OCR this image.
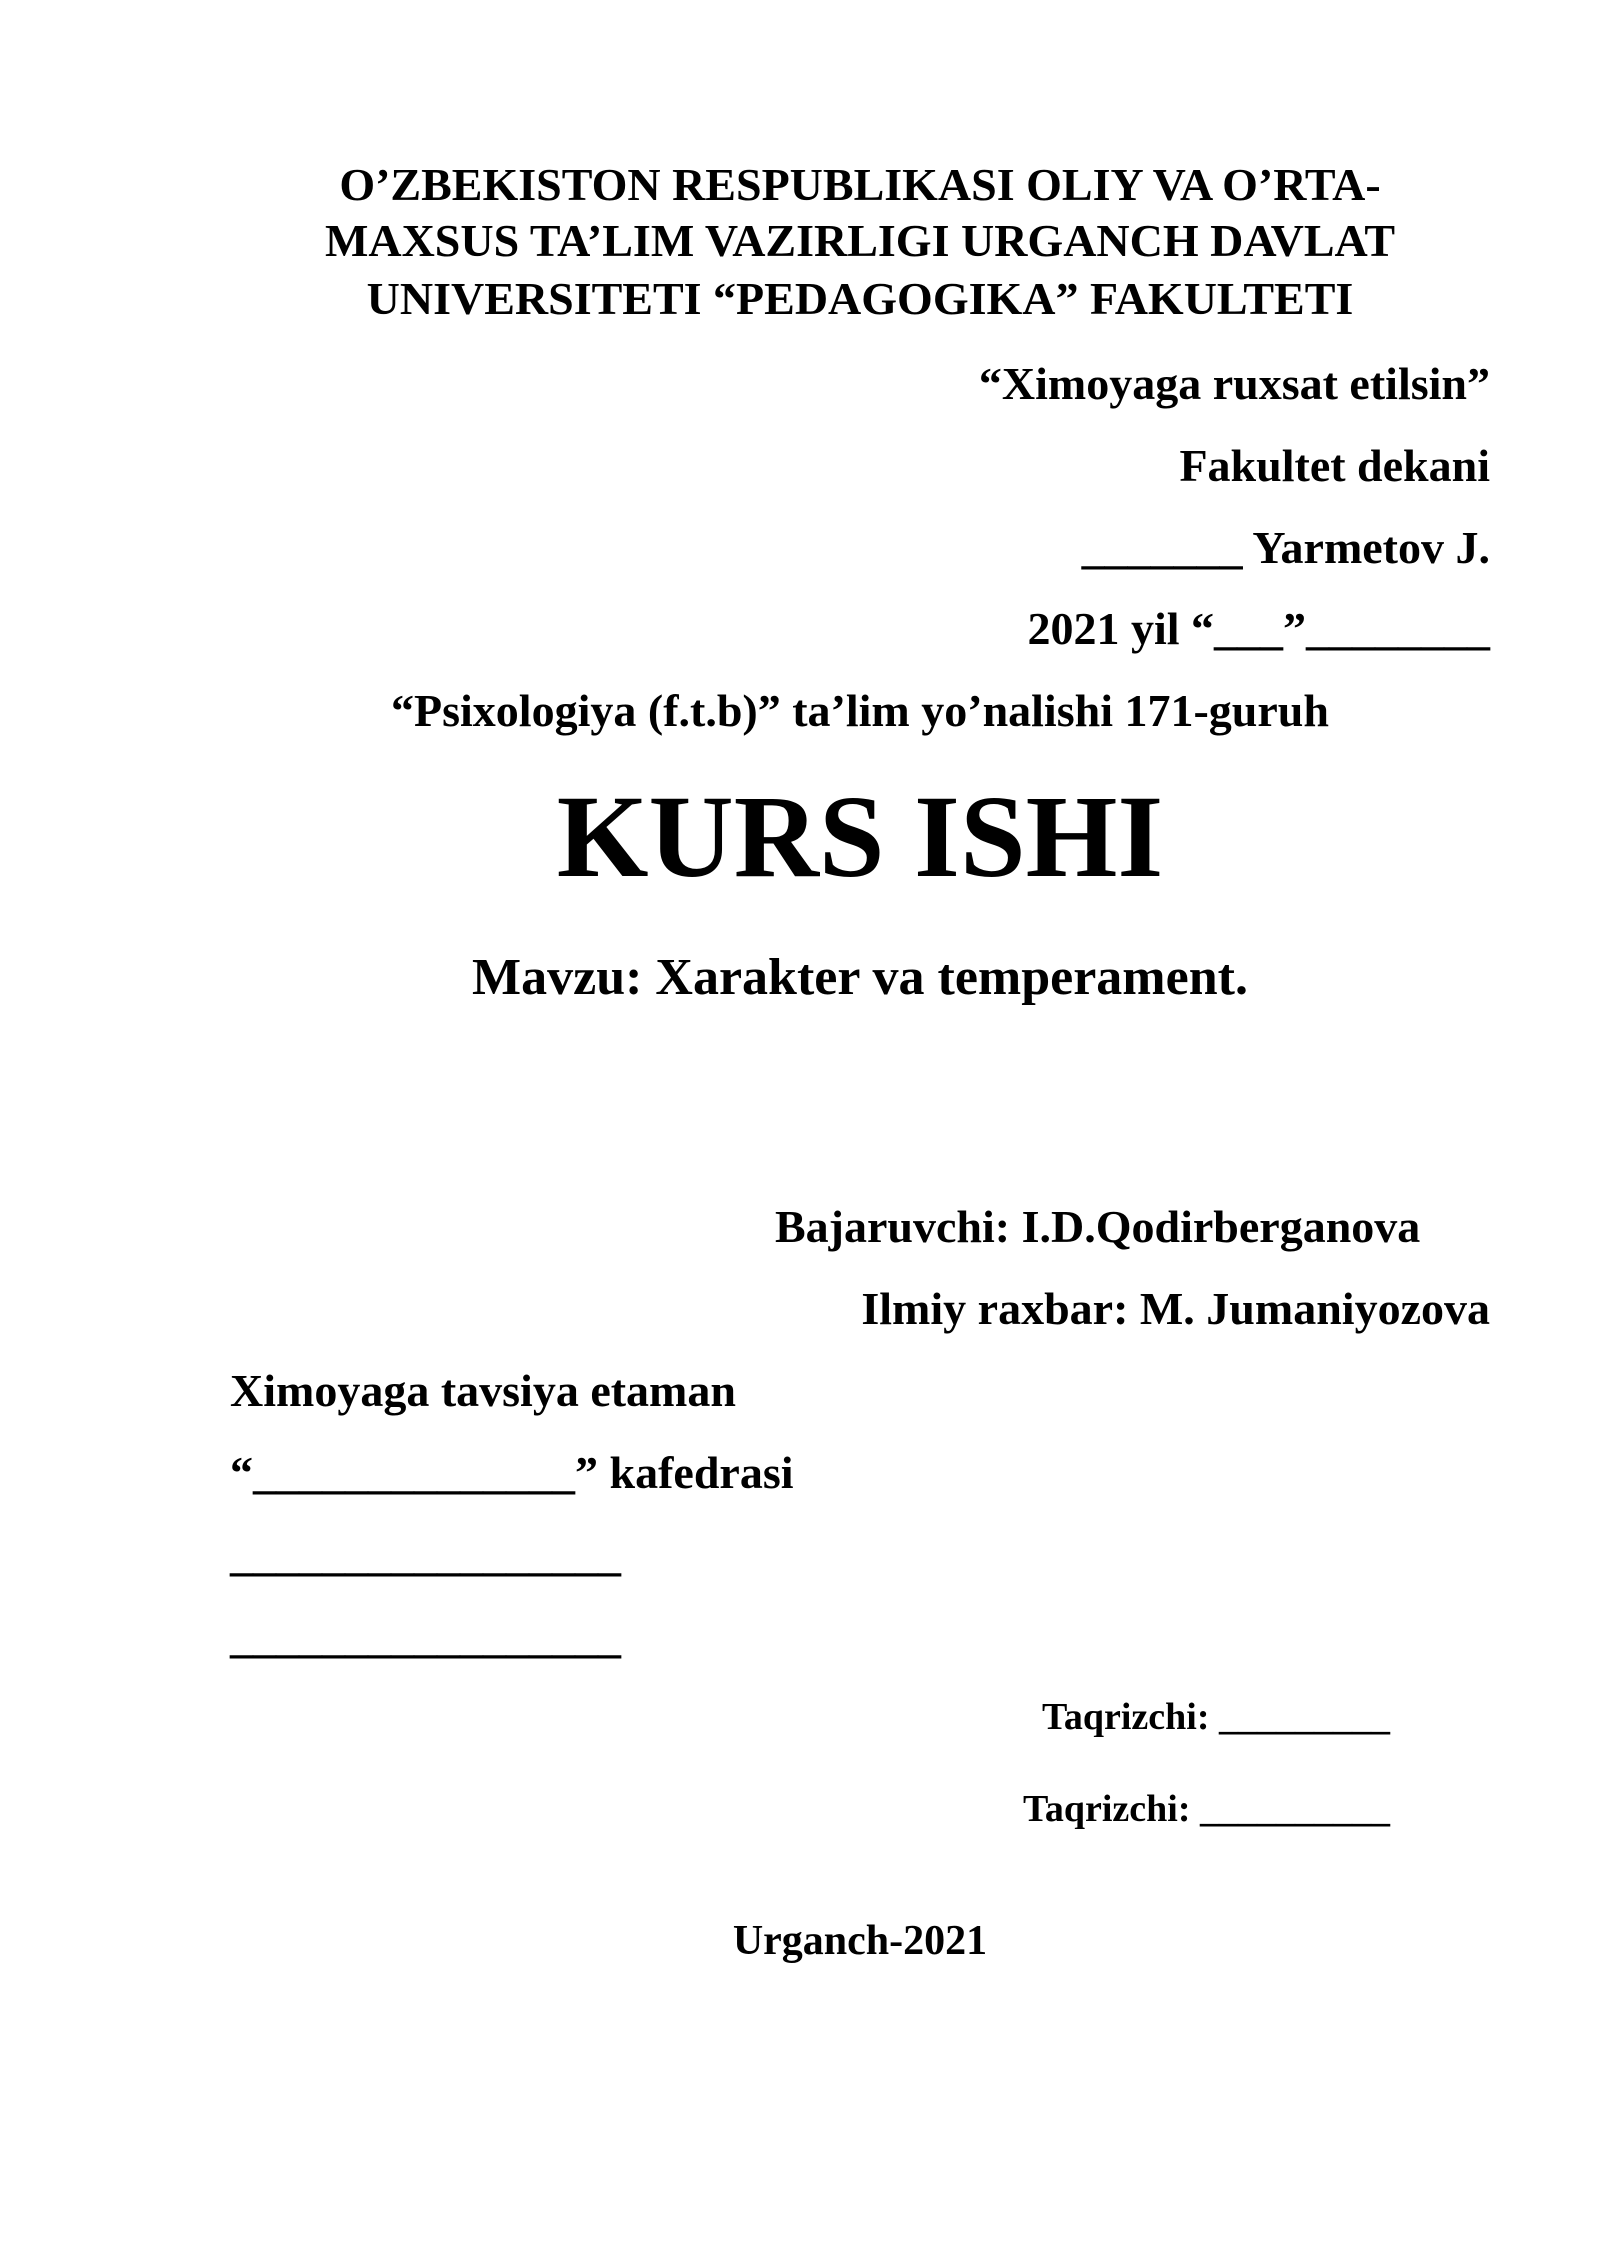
O’ZBEKISTON RESPUBLIKASI OLIY VA O’RTA-
MAXSUS TA’LIM VAZIRLIGI URGANCH DAVLAT
UNIVERSITETI “PEDAGOGIKA” FAKULTETI
“Ximoyaga ruxsat etilsin”
Fakultet dekani
_______ Yarmetov J.
2021 yil “___”________
“Psixologiya (f.t.b)” ta’lim yo’nalishi 171-guruh
KURS ISHI
Mavzu: Xarakter va temperament.
Bajaruvchi: I.D.Qodirberganova
Ilmiy raxbar: M. Jumaniyozova
Ximoyaga tavsiya etaman
“______________” kafedrasi
_________________
_________________
Taqrizchi: _________
Taqrizchi: __________
Urganch-2021
